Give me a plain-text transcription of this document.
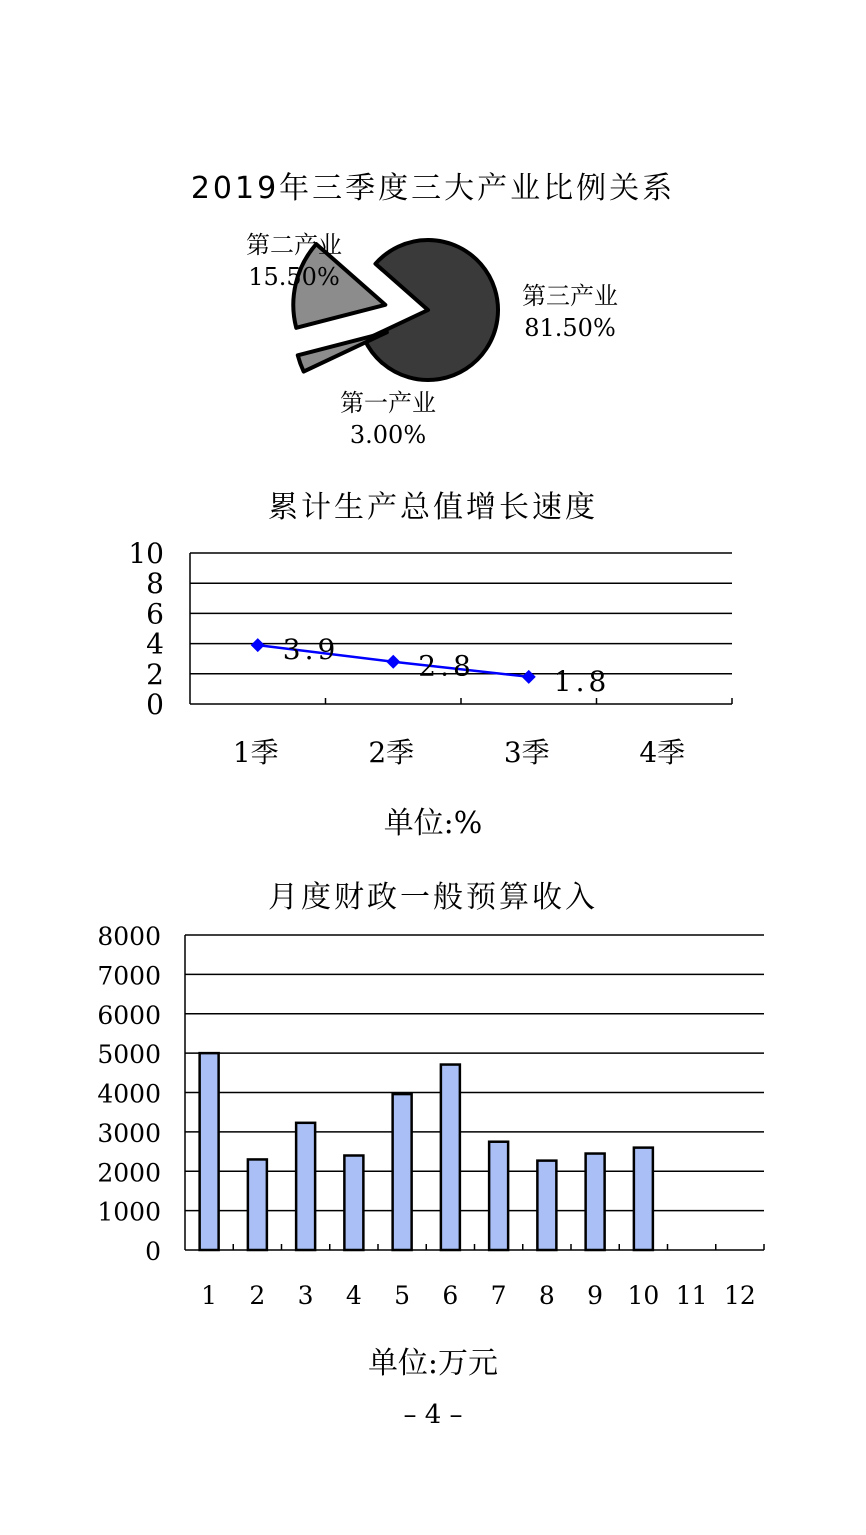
2019年三季度三大产业比例关系
第二产业
15.50%
第三产业
81.50%
第一产业
3.00%
累计生产总值增长速度
0
2
4
6
8
10
1季	2季	3季	4季
3.9
2.8	1.8
单位:%
月度财政一般预算收入
0
1000
2000
3000
4000
5000
6000
7000
8000
1 2 3 4 5 6 7 8 9 10 11 12
单位:万元
– 4 –
